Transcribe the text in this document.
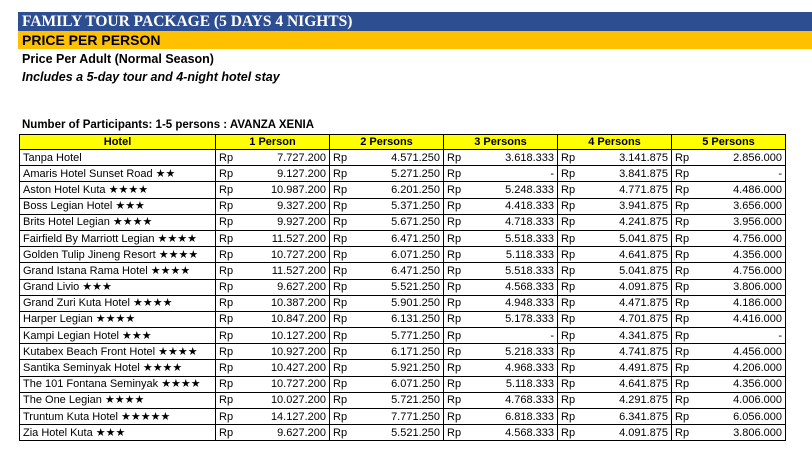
FAMILY TOUR PACKAGE (5 DAYS 4 NIGHTS)
PRICE PER PERSON
Price Per Adult (Normal Season)
Includes a 5-day tour and 4-night hotel stay
Number of Participants: 1-5 persons : AVANZA XENIA
Hotel	1 Person		2 Persons		3 Persons		4 Persons		5 Persons	
Tanpa Hotel	Rp	7.727.200	Rp	4.571.250	Rp	3.618.333	Rp	3.141.875	Rp	2.856.000
Amaris Hotel Sunset Road ★★	Rp	9.127.200	Rp	5.271.250	Rp	-	Rp	3.841.875	Rp	-
Aston Hotel Kuta ★★★★	Rp	10.987.200	Rp	6.201.250	Rp	5.248.333	Rp	4.771.875	Rp	4.486.000
Boss Legian Hotel ★★★	Rp	9.327.200	Rp	5.371.250	Rp	4.418.333	Rp	3.941.875	Rp	3.656.000
Brits Hotel Legian ★★★★	Rp	9.927.200	Rp	5.671.250	Rp	4.718.333	Rp	4.241.875	Rp	3.956.000
Fairfield By Marriott Legian ★★★★	Rp	11.527.200	Rp	6.471.250	Rp	5.518.333	Rp	5.041.875	Rp	4.756.000
Golden Tulip Jineng Resort ★★★★	Rp	10.727.200	Rp	6.071.250	Rp	5.118.333	Rp	4.641.875	Rp	4.356.000
Grand Istana Rama Hotel ★★★★	Rp	11.527.200	Rp	6.471.250	Rp	5.518.333	Rp	5.041.875	Rp	4.756.000
Grand Livio ★★★	Rp	9.627.200	Rp	5.521.250	Rp	4.568.333	Rp	4.091.875	Rp	3.806.000
Grand Zuri Kuta Hotel ★★★★	Rp	10.387.200	Rp	5.901.250	Rp	4.948.333	Rp	4.471.875	Rp	4.186.000
Harper Legian ★★★★	Rp	10.847.200	Rp	6.131.250	Rp	5.178.333	Rp	4.701.875	Rp	4.416.000
Kampi Legian Hotel ★★★	Rp	10.127.200	Rp	5.771.250	Rp	-	Rp	4.341.875	Rp	-
Kutabex Beach Front Hotel ★★★★	Rp	10.927.200	Rp	6.171.250	Rp	5.218.333	Rp	4.741.875	Rp	4.456.000
Santika Seminyak Hotel ★★★★	Rp	10.427.200	Rp	5.921.250	Rp	4.968.333	Rp	4.491.875	Rp	4.206.000
The 101 Fontana Seminyak ★★★★	Rp	10.727.200	Rp	6.071.250	Rp	5.118.333	Rp	4.641.875	Rp	4.356.000
The One Legian ★★★★	Rp	10.027.200	Rp	5.721.250	Rp	4.768.333	Rp	4.291.875	Rp	4.006.000
Truntum Kuta Hotel ★★★★★	Rp	14.127.200	Rp	7.771.250	Rp	6.818.333	Rp	6.341.875	Rp	6.056.000
Zia Hotel Kuta ★★★	Rp	9.627.200	Rp	5.521.250	Rp	4.568.333	Rp	4.091.875	Rp	3.806.000
